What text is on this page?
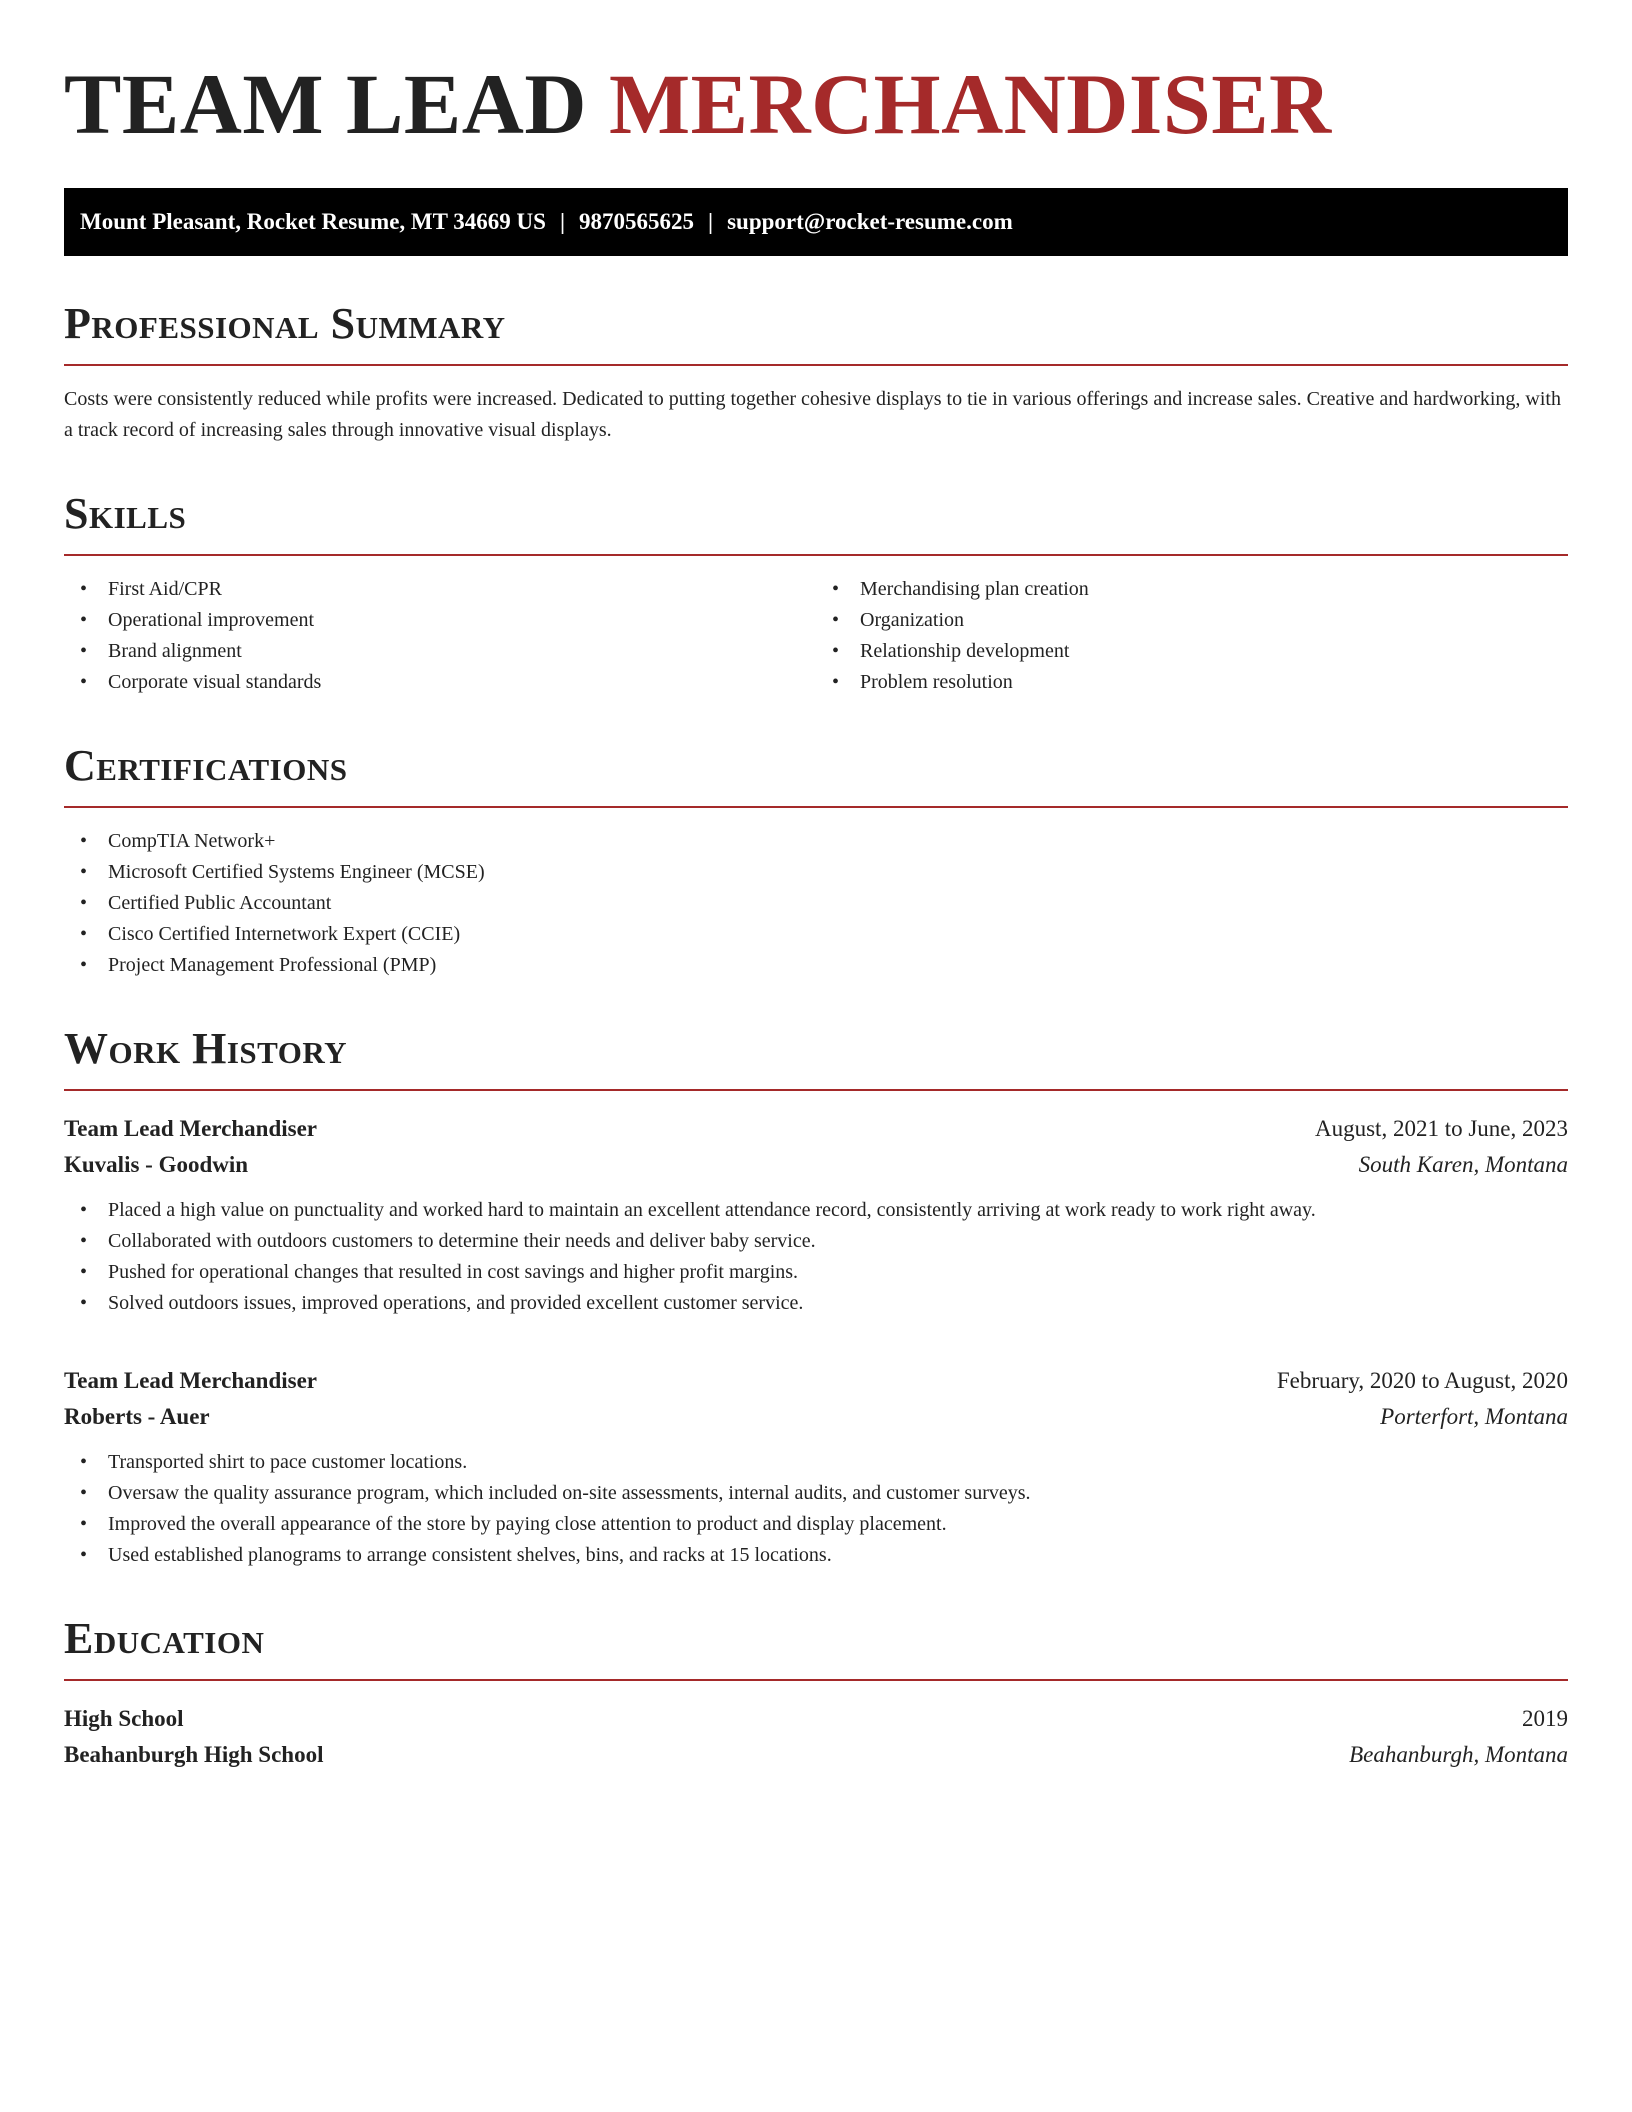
TEAM LEAD MERCHANDISER
Mount Pleasant, Rocket Resume, MT 34669 US | 9870565625 | support@rocket-resume.com
Professional Summary

Costs were consistently reduced while profits were increased. Dedicated to putting together cohesive displays to tie in various offerings and increase sales. Creative and hardworking, with a track record of increasing sales through innovative visual displays.

Skills
• First Aid/CPR
• Operational improvement
• Brand alignment
• Corporate visual standards
• Merchandising plan creation
• Organization
• Relationship development
• Problem resolution
Certifications
• CompTIA Network+
• Microsoft Certified Systems Engineer (MCSE)
• Certified Public Accountant
• Cisco Certified Internetwork Expert (CCIE)
• Project Management Professional (PMP)
Work History
Team Lead Merchandiser	August, 2021 to June, 2023
Kuvalis - Goodwin	South Karen, Montana
• Placed a high value on punctuality and worked hard to maintain an excellent attendance record, consistently arriving at work ready to work right away.
• Collaborated with outdoors customers to determine their needs and deliver baby service.
• Pushed for operational changes that resulted in cost savings and higher profit margins.
• Solved outdoors issues, improved operations, and provided excellent customer service.
Team Lead Merchandiser	February, 2020 to August, 2020
Roberts - Auer	Porterfort, Montana
• Transported shirt to pace customer locations.
• Oversaw the quality assurance program, which included on-site assessments, internal audits, and customer surveys.
• Improved the overall appearance of the store by paying close attention to product and display placement.
• Used established planograms to arrange consistent shelves, bins, and racks at 15 locations.
Education
High School	2019
Beahanburgh High School	Beahanburgh, Montana
